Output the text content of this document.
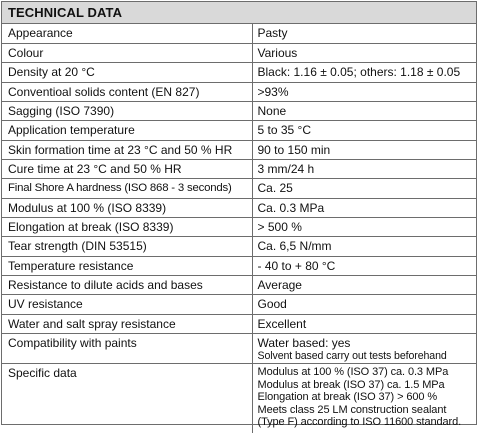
TECHNICAL DATA
Appearance	Pasty
Colour	Various
Density at 20 °C	Black: 1.16 ± 0.05; others: 1.18 ± 0.05
Conventioal solids content (EN 827)	>93%
Sagging (ISO 7390)	None
Application temperature	5 to 35 °C
Skin formation time at 23 °C and 50 % HR	90 to 150 min
Cure time at 23 °C and 50 % HR	3 mm/24 h
Final Shore A hardness (ISO 868 - 3 seconds)	Ca. 25
Modulus at 100 % (ISO 8339)	Ca. 0.3 MPa
Elongation at break (ISO 8339)	> 500 %
Tear strength (DIN 53515)	Ca. 6,5 N/mm
Temperature resistance	- 40 to + 80 °C
Resistance to dilute acids and bases	Average
UV resistance	Good
Water and salt spray resistance	Excellent
Compatibility with paints	Water based: yes
Solvent based carry out tests beforehand

Specific data	Modulus at 100 % (ISO 37) ca. 0.3 MPa
Modulus at break (ISO 37) ca. 1.5 MPa
Elongation at break (ISO 37) > 600 %
Meets class 25 LM construction sealant
(Type F) according to ISO 11600 standard.
